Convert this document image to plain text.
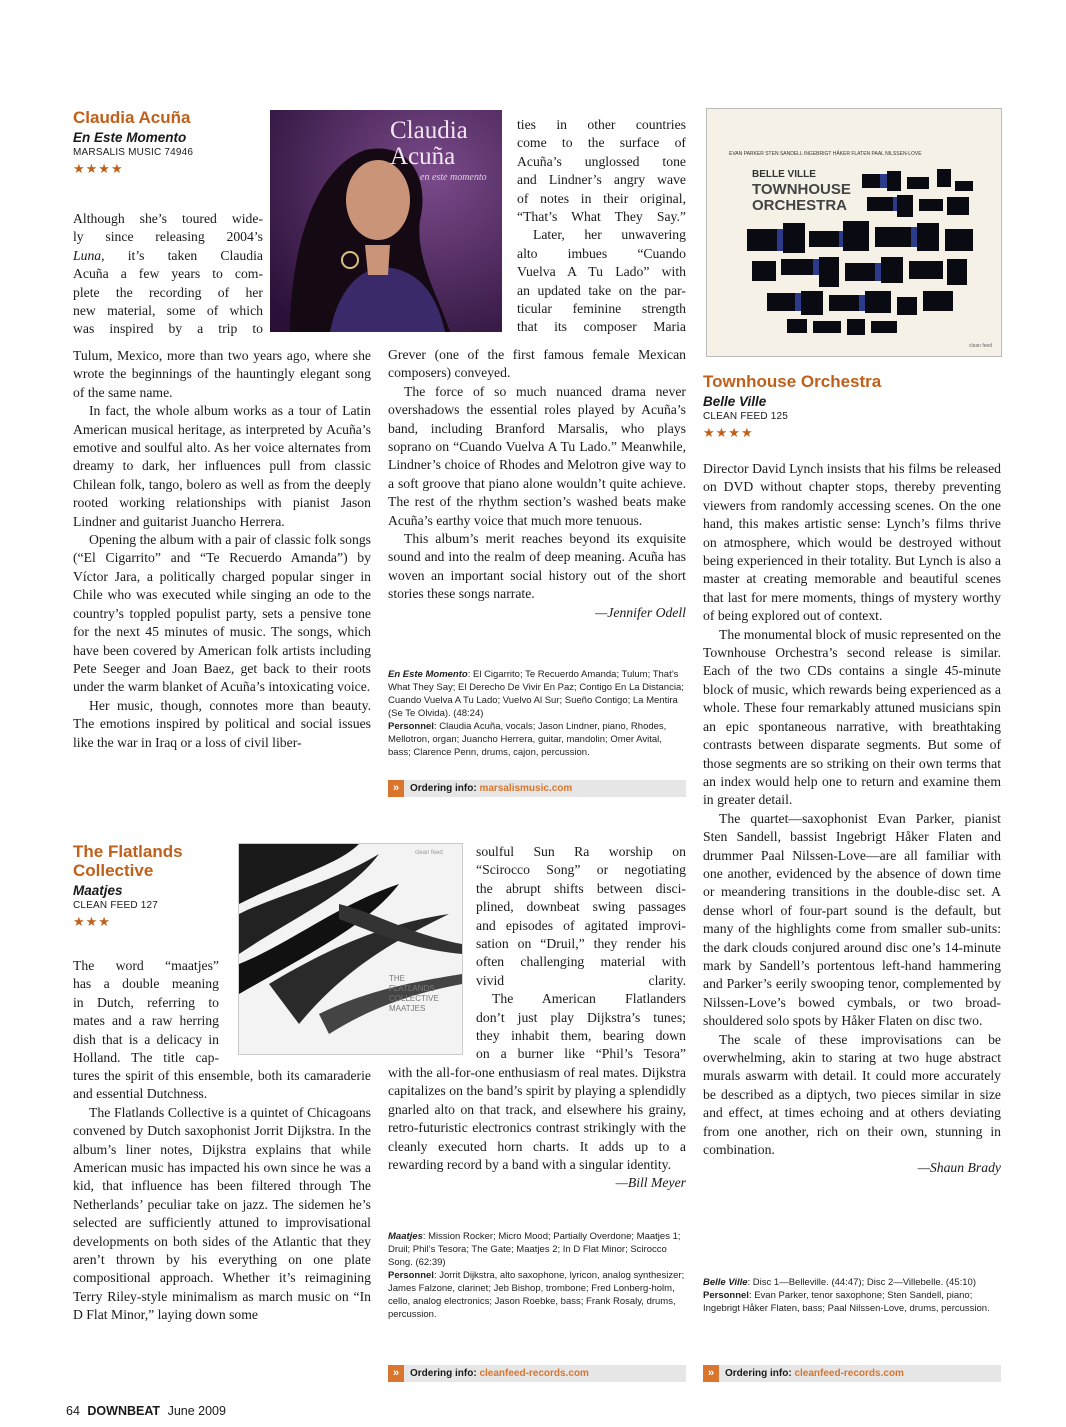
Claudia Acuña
En Este Momento
MARSALIS MUSIC 74946
★★★★
Claudia
Acuña
en este momento
Although she’s toured wide-
ly since releasing 2004’s
Luna, it’s taken Claudia
Acuña a few years to com-
plete the recording of her
new material, some of which
was inspired by a trip to

Tulum, Mexico, more than two years ago, where she wrote the beginnings of the hauntingly elegant song of the same name.

In fact, the whole album works as a tour of Latin American musical heritage, as interpreted by Acuña’s emotive and soulful alto. As her voice alternates from dreamy to dark, her influences pull from classic Chilean folk, tango, bolero as well as from the deeply rooted working relationships with pianist Jason Lindner and guitarist Juancho Herrera.

Opening the album with a pair of classic folk songs (“El Cigarrito” and “Te Recuerdo Amanda”) by Víctor Jara, a politically charged popular singer in Chile who was executed while singing an ode to the country’s toppled populist party, sets a pensive tone for the next 45 minutes of music. The songs, which have been covered by American folk artists including Pete Seeger and Joan Baez, get back to their roots under the warm blanket of Acuña’s intoxicating voice.

Her music, though, connotes more than beauty. The emotions inspired by political and social issues like the war in Iraq or a loss of civil liber-

ties in other countries
come to the surface of
Acuña’s unglossed tone
and Lindner’s angry wave
of notes in their original,
“That’s What They Say.”
Later, her unwavering
alto imbues “Cuando
Vuelva A Tu Lado” with
an updated take on the par-
ticular feminine strength
that its composer Maria

Grever (one of the first famous female Mexican composers) conveyed.

The force of so much nuanced drama never overshadows the essential roles played by Acuña’s band, including Branford Marsalis, who plays soprano on “Cuando Vuelva A Tu Lado.” Meanwhile, Lindner’s choice of Rhodes and Melotron give way to a soft groove that piano alone wouldn’t quite achieve. The rest of the rhythm section’s washed beats make Acuña’s earthy voice that much more tenuous.

This album’s merit reaches beyond its exquisite sound and into the realm of deep meaning. Acuña has woven an important social history out of the short stories these songs narrate.

—Jennifer Odell
En Este Momento: El Cigarrito; Te Recuerdo Amanda; Tulum; That’s What They Say; El Derecho De Vivir En Paz; Contigo En La Distancia; Cuando Vuelva A Tu Lado; Vuelvo Al Sur; Sueño Contigo; La Mentira (Se Te Olvida). (48:24)
Personnel: Claudia Acuña, vocals; Jason Lindner, piano, Rhodes, Mellotron, organ; Juancho Herrera, guitar, mandolin; Omer Avital, bass; Clarence Penn, drums, cajon, percussion.
» Ordering info: marsalismusic.com
The Flatlands
Collective
Maatjes
CLEAN FEED 127
★★★
THE FLATLANDS COLLECTIVE MAATJES
clean feed
The word “maatjes”
has a double meaning
in Dutch, referring to
mates and a raw herring
dish that is a delicacy in
Holland. The title cap-

tures the spirit of this ensemble, both its camaraderie and essential Dutchness.

The Flatlands Collective is a quintet of Chicagoans convened by Dutch saxophonist Jorrit Dijkstra. In the album’s liner notes, Dijkstra explains that while American music has impacted his own since he was a kid, that influence has been filtered through The Netherlands’ peculiar take on jazz. The sidemen he’s selected are sufficiently attuned to improvisational developments on both sides of the Atlantic that they aren’t thrown by his everything on one plate compositional approach. Whether it’s reimagining Terry Riley-style minimalism as march music on “In D Flat Minor,” laying down some

soulful Sun Ra worship on
“Scirocco Song” or negotiating
the abrupt shifts between disci-
plined, downbeat swing passages
and episodes of agitated improvi-
sation on “Druil,” they render his
often challenging material with
vivid clarity.
The American Flatlanders
don’t just play Dijkstra’s tunes;
they inhabit them, bearing down
on a burner like “Phil’s Tesora”

with the all-for-one enthusiasm of real mates. Dijkstra capitalizes on the band’s spirit by playing a splendidly gnarled alto on that track, and elsewhere his grainy, retro-futuristic electronics contrast strikingly with the cleanly executed horn charts. It adds up to a rewarding record by a band with a singular identity.
—Bill Meyer

Maatjes: Mission Rocker; Micro Mood; Partially Overdone; Maatjes 1; Druil; Phil’s Tesora; The Gate; Maatjes 2; In D Flat Minor; Scirocco Song. (62:39)
Personnel: Jorrit Dijkstra, alto saxophone, lyricon, analog synthesizer; James Falzone, clarinet; Jeb Bishop, trombone; Fred Lonberg-holm, cello, analog electronics; Jason Roebke, bass; Frank Rosaly, drums, percussion.
» Ordering info: cleanfeed-records.com
EVAN PARKER STEN SANDELL INGEBRIGT HÅKER FLATEN PAAL NILSSEN-LOVE
BELLE VILLE
TOWNHOUSE
ORCHESTRA
clean feed
Townhouse Orchestra
Belle Ville
CLEAN FEED 125
★★★★

Director David Lynch insists that his films be released on DVD without chapter stops, thereby preventing viewers from randomly accessing scenes. On the one hand, this makes artistic sense: Lynch’s films thrive on atmosphere, which would be destroyed without being experienced in their totality. But Lynch is also a master at creating memorable and beautiful scenes that last for mere moments, things of mystery worthy of being explored out of context.

The monumental block of music represented on the Townhouse Orchestra’s second release is similar. Each of the two CDs contains a single 45-minute block of music, which rewards being experienced as a whole. These four remarkably attuned musicians spin an epic spontaneous narrative, with breathtaking contrasts between disparate segments. But some of those segments are so striking on their own terms that an index would help one to return and examine them in greater detail.

The quartet—saxophonist Evan Parker, pianist Sten Sandell, bassist Ingebrigt Håker Flaten and drummer Paal Nilssen-Love—are all familiar with one another, evidenced by the absence of down time or meandering transitions in the double-disc set. A dense whorl of four-part sound is the default, but many of the highlights come from smaller sub-units: the dark clouds conjured around disc one’s 14-minute mark by Sandell’s portentous left-hand hammering and Parker’s eerily swooping tenor, complemented by Nilssen-Love’s bowed cymbals, or two broad-shouldered solo spots by Håker Flaten on disc two.

The scale of these improvisations can be overwhelming, akin to staring at two huge abstract murals aswarm with detail. It could more accurately be described as a diptych, two pieces similar in size and effect, at times echoing and at others deviating from one another, rich on their own, stunning in combination.

—Shaun Brady
Belle Ville: Disc 1—Belleville. (44:47); Disc 2—Villebelle. (45:10)
Personnel: Evan Parker, tenor saxophone; Sten Sandell, piano; Ingebrigt Håker Flaten, bass; Paal Nilssen-Love, drums, percussion.
» Ordering info: cleanfeed-records.com
64 DOWNBEAT June 2009
